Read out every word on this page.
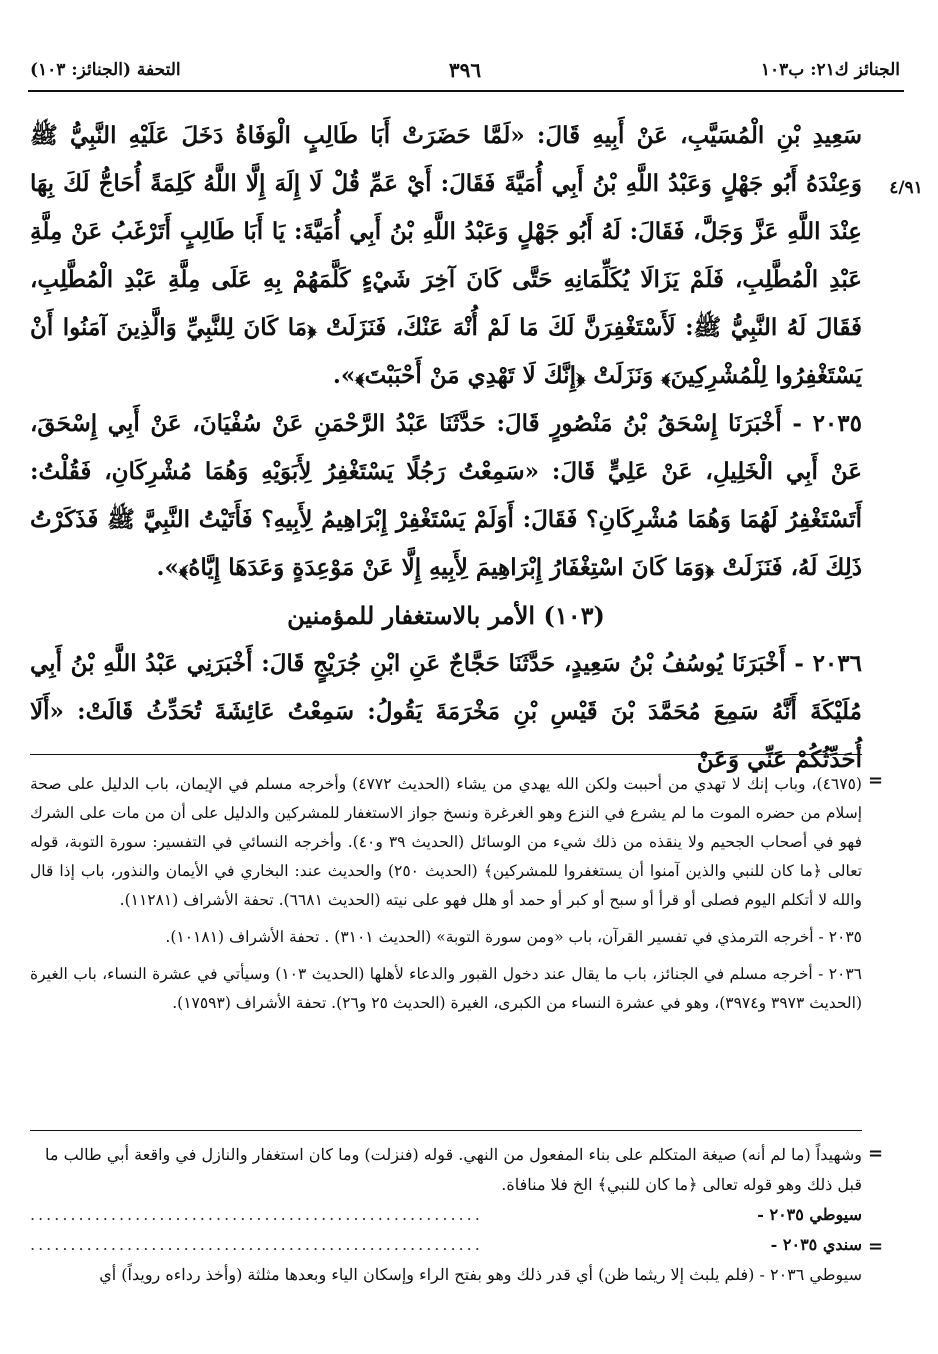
الجنائز ك٢١: ب١٠٣
٣٩٦
التحفة (الجنائز: ١٠٣)
٤/٩١

سَعِيدِ بْنِ الْمُسَيَّبِ، عَنْ أَبِيهِ قَالَ: «لَمَّا حَضَرَتْ أَبَا طَالِبٍ الْوَفَاةُ دَخَلَ عَلَيْهِ النَّبِيُّ ﷺ وَعِنْدَهُ أَبُو جَهْلٍ وَعَبْدُ اللَّهِ بْنُ أَبِي أُمَيَّةَ فَقَالَ: أَيْ عَمِّ قُلْ لَا إِلَهَ إِلَّا اللَّهُ كَلِمَةً أُحَاجُّ لَكَ بِهَا عِنْدَ اللَّهِ عَزَّ وَجَلَّ، فَقَالَ: لَهُ أَبُو جَهْلٍ وَعَبْدُ اللَّهِ بْنُ أَبِي أُمَيَّةَ: يَا أَبَا طَالِبٍ أَتَرْغَبُ عَنْ مِلَّةِ عَبْدِ الْمُطَّلِبِ، فَلَمْ يَزَالَا يُكَلِّمَانِهِ حَتَّى كَانَ آخِرَ شَيْءٍ كَلَّمَهُمْ بِهِ عَلَى مِلَّةِ عَبْدِ الْمُطَّلِبِ، فَقَالَ لَهُ النَّبِيُّ ﷺ: لَأَسْتَغْفِرَنَّ لَكَ مَا لَمْ أُنْهَ عَنْكَ، فَنَزَلَتْ ﴿مَا كَانَ لِلنَّبِيِّ وَالَّذِينَ آمَنُوا أَنْ يَسْتَغْفِرُوا لِلْمُشْرِكِينَ﴾ وَنَزَلَتْ ﴿إِنَّكَ لَا تَهْدِي مَنْ أَحْبَبْتَ﴾».

٢٠٣٥ - أَخْبَرَنَا إِسْحَقُ بْنُ مَنْصُورٍ قَالَ: حَدَّثَنَا عَبْدُ الرَّحْمَنِ عَنْ سُفْيَانَ، عَنْ أَبِي إِسْحَقَ، عَنْ أَبِي الْخَلِيلِ، عَنْ عَلِيٍّ قَالَ: «سَمِعْتُ رَجُلًا يَسْتَغْفِرُ لِأَبَوَيْهِ وَهُمَا مُشْرِكَانِ، فَقُلْتُ: أَتَسْتَغْفِرُ لَهُمَا وَهُمَا مُشْرِكَانِ؟ فَقَالَ: أَوَلَمْ يَسْتَغْفِرْ إِبْرَاهِيمُ لِأَبِيهِ؟ فَأَتَيْتُ النَّبِيَّ ﷺ فَذَكَرْتُ ذَلِكَ لَهُ، فَنَزَلَتْ ﴿وَمَا كَانَ اسْتِغْفَارُ إِبْرَاهِيمَ لِأَبِيهِ إِلَّا عَنْ مَوْعِدَةٍ وَعَدَهَا إِيَّاهُ﴾».

(١٠٣) الأمر بالاستغفار للمؤمنين

٢٠٣٦ - أَخْبَرَنَا يُوسُفُ بْنُ سَعِيدٍ، حَدَّثَنَا حَجَّاجٌ عَنِ ابْنِ جُرَيْجٍ قَالَ: أَخْبَرَنِي عَبْدُ اللَّهِ بْنُ أَبِي مُلَيْكَةَ أَنَّهُ سَمِعَ مُحَمَّدَ بْنَ قَيْسِ بْنِ مَخْرَمَةَ يَقُولُ: سَمِعْتُ عَائِشَةَ تُحَدِّثُ قَالَتْ: «أَلَا أُحَدِّثُكُمْ عَنِّي وَعَنْ

=

(٤٦٧٥)، وباب إنك لا تهدي من أحببت ولكن الله يهدي من يشاء (الحديث ٤٧٧٢) وأخرجه مسلم في الإيمان، باب الدليل على صحة إسلام من حضره الموت ما لم يشرع في النزع وهو الغرغرة ونسخ جواز الاستغفار للمشركين والدليل على أن من مات على الشرك فهو في أصحاب الجحيم ولا ينقذه من ذلك شيء من الوسائل (الحديث ٣٩ و٤٠). وأخرجه النسائي في التفسير: سورة التوبة، قوله تعالى ﴿ما كان للنبي والذين آمنوا أن يستغفروا للمشركين﴾ (الحديث ٢٥٠) والحديث عند: البخاري في الأيمان والنذور، باب إذا قال والله لا أتكلم اليوم فصلى أو قرأ أو سبح أو كبر أو حمد أو هلل فهو على نيته (الحديث ٦٦٨١). تحفة الأشراف (١١٢٨١).

٢٠٣٥ - أخرجه الترمذي في تفسير القرآن، باب «ومن سورة التوبة» (الحديث ٣١٠١) . تحفة الأشراف (١٠١٨١).

٢٠٣٦ - أخرجه مسلم في الجنائز، باب ما يقال عند دخول القبور والدعاء لأهلها (الحديث ١٠٣) وسيأتي في عشرة النساء، باب الغيرة (الحديث ٣٩٧٣ و٣٩٧٤)، وهو في عشرة النساء من الكبرى، الغيرة (الحديث ٢٥ و٢٦). تحفة الأشراف (١٧٥٩٣).

=

وشهيداً (ما لم أنه) صيغة المتكلم على بناء المفعول من النهي. قوله (فنزلت) وما كان استغفار والنازل في واقعة أبي طالب ما قبل ذلك وهو قوله تعالى ﴿ما كان للنبي﴾ الخ فلا منافاة.

سيوطي ٢٠٣٥ -
........................................................
سندي ٢٠٣٥ -
........................................................

سيوطي ٢٠٣٦ - (فلم يلبث إلا ريثما ظن) أي قدر ذلك وهو بفتح الراء وإسكان الياء وبعدها مثلثة (وأخذ رداءه رويداً) أي

=
